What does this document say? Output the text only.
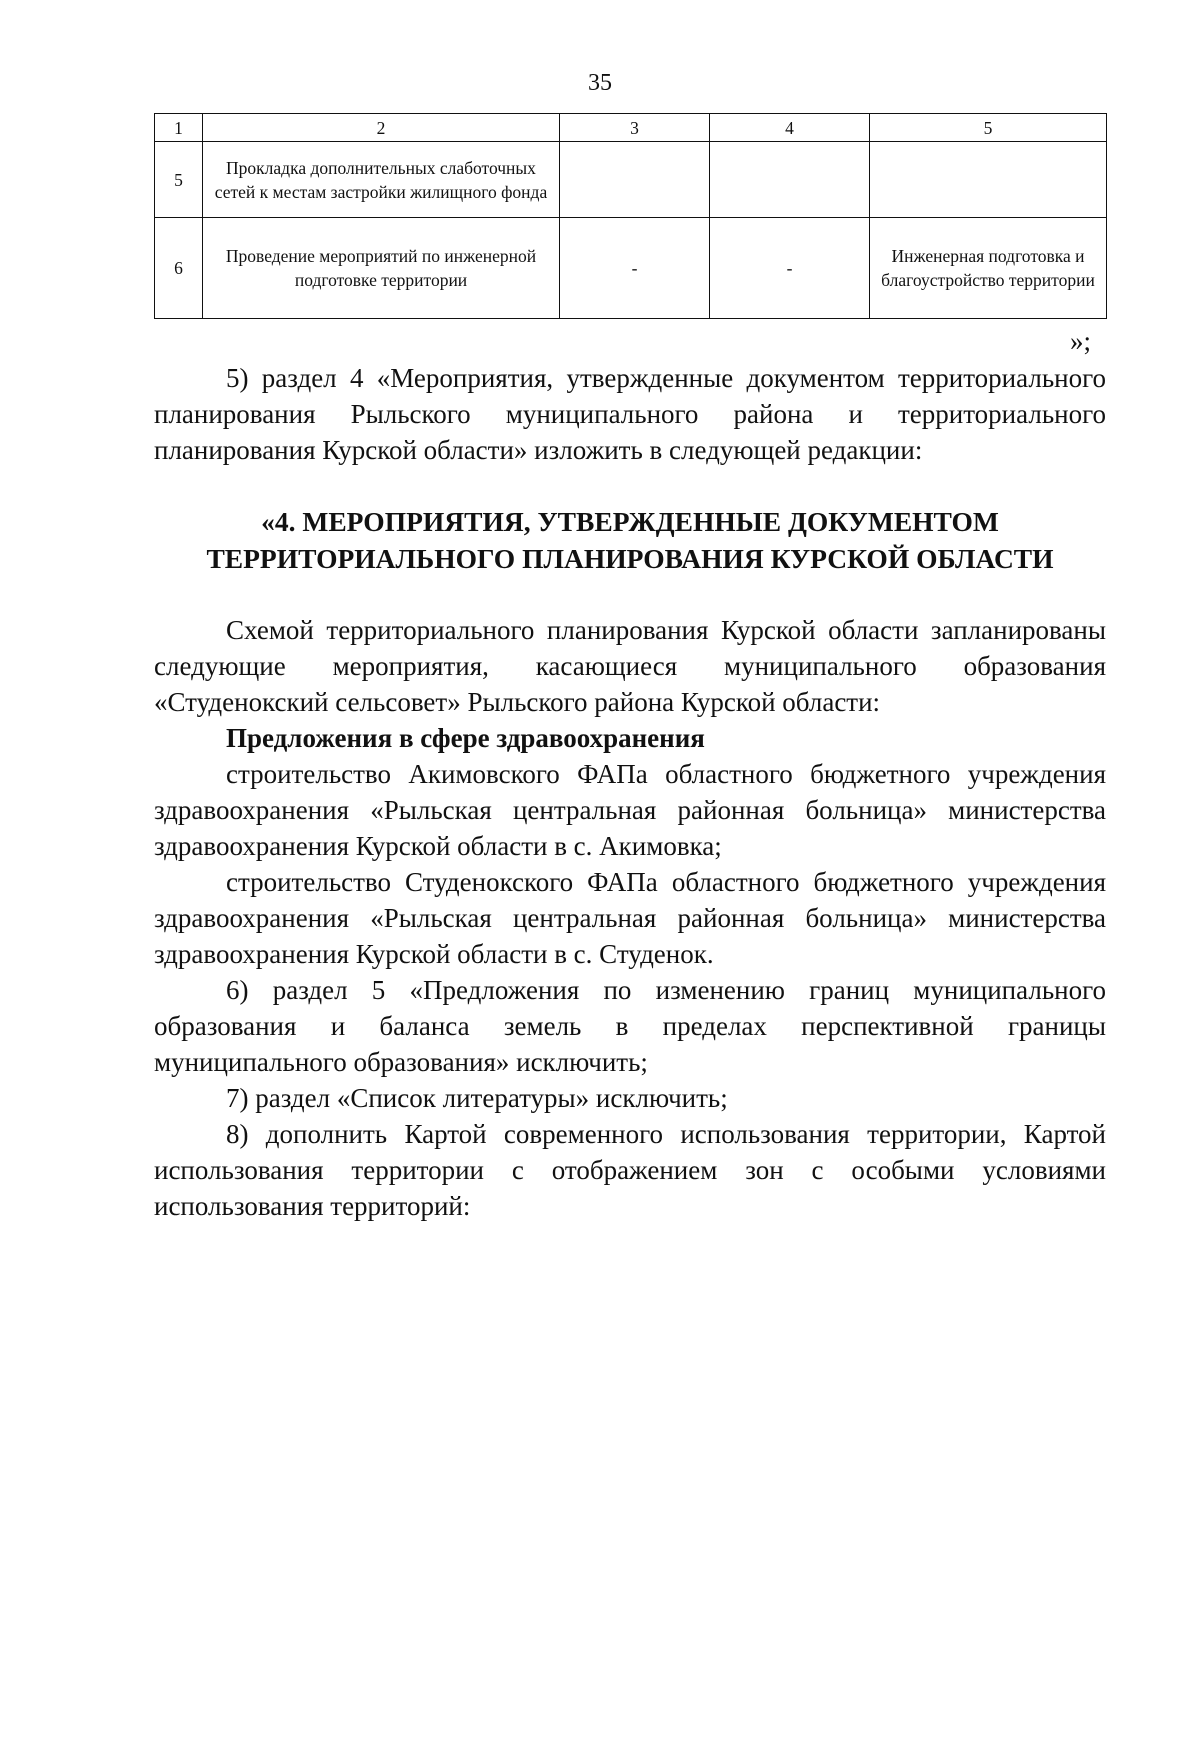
35
1	2	3	4	5
5	Прокладка дополнительных слаботочных сетей к местам застройки жилищного фонда			
6	Проведение мероприятий по инженерной подготовке территории	-	-	Инженерная подготовка и благоустройство территории
»;

5) раздел 4 «Мероприятия, утвержденные документом территориального планирования Рыльского муниципального района и территориального планирования Курской области» изложить в следующей редакции:

«4. МЕРОПРИЯТИЯ, УТВЕРЖДЕННЫЕ ДОКУМЕНТОМ
ТЕРРИТОРИАЛЬНОГО ПЛАНИРОВАНИЯ КУРСКОЙ ОБЛАСТИ

Схемой территориального планирования Курской области запланированы следующие мероприятия, касающиеся муниципального образования «Студенокский сельсовет» Рыльского района Курской области:

Предложения в сфере здравоохранения

строительство Акимовского ФАПа областного бюджетного учреждения здравоохранения «Рыльская центральная районная больница» министерства здравоохранения Курской области в с. Акимовка;

строительство Студенокского ФАПа областного бюджетного учреждения здравоохранения «Рыльская центральная районная больница» министерства здравоохранения Курской области в с. Студенок.

6) раздел 5 «Предложения по изменению границ муниципального образования и баланса земель в пределах перспективной границы муниципального образования» исключить;

7) раздел «Список литературы» исключить;

8) дополнить Картой современного использования территории, Картой использования территории с отображением зон с особыми условиями использования территорий:
